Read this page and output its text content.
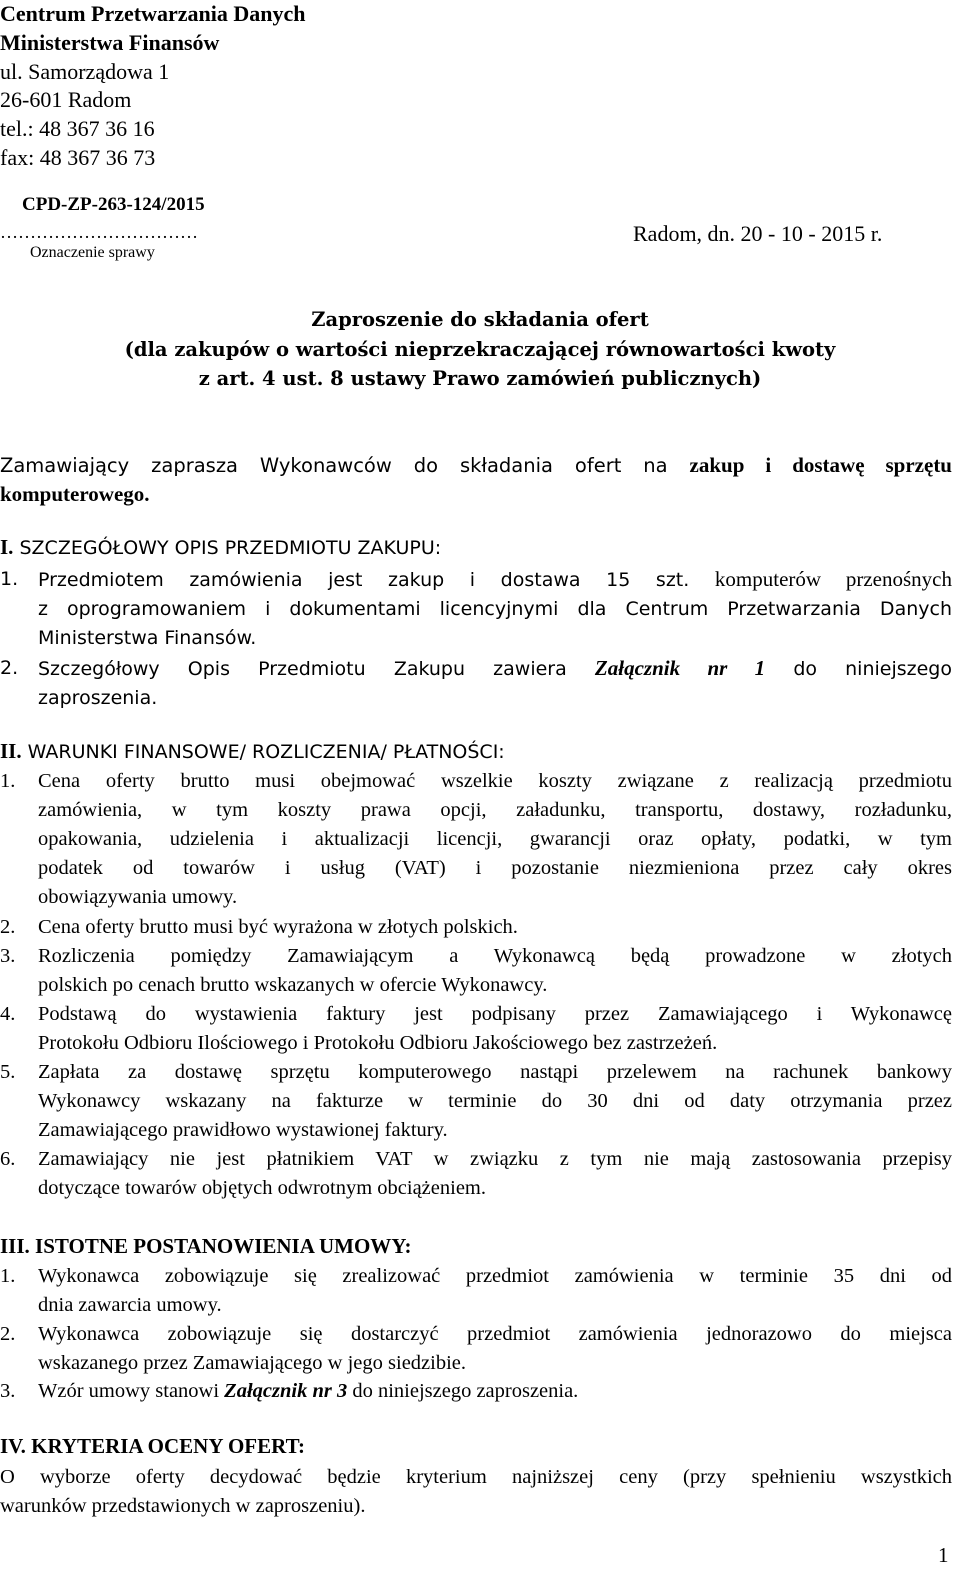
Centrum Przetwarzania Danych
Ministerstwa Finansów
ul. Samorządowa 1
26-601 Radom
tel.: 48 367 36 16
fax: 48 367 36 73
CPD-ZP-263-124/2015
……………………………
Oznaczenie sprawy
Radom, dn. 20 - 10 - 2015 r.
Zaproszenie do składania ofert
(dla zakupów o wartości nieprzekraczającej równowartości kwoty
z art. 4 ust. 8 ustawy Prawo zamówień publicznych)
Zamawiający zaprasza Wykonawców do składania ofert na zakup i dostawę sprzętu
komputerowego.
I. SZCZEGÓŁOWY OPIS PRZEDMIOTU ZAKUPU:
1. Przedmiotem zamówienia jest zakup i dostawa 15 szt. komputerów przenośnych
z oprogramowaniem i dokumentami licencyjnymi dla Centrum Przetwarzania Danych
Ministerstwa Finansów.
2. Szczegółowy Opis Przedmiotu Zakupu zawiera Załącznik nr 1 do niniejszego
zaproszenia.
II. WARUNKI FINANSOWE/ ROZLICZENIA/ PŁATNOŚCI:
1. Cena oferty brutto musi obejmować wszelkie koszty związane z realizacją przedmiotu
zamówienia, w tym koszty prawa opcji, załadunku, transportu, dostawy, rozładunku,
opakowania, udzielenia i aktualizacji licencji, gwarancji oraz opłaty, podatki, w tym
podatek od towarów i usług (VAT) i pozostanie niezmieniona przez cały okres
obowiązywania umowy.
2. Cena oferty brutto musi być wyrażona w złotych polskich.
3. Rozliczenia pomiędzy Zamawiającym a Wykonawcą będą prowadzone w złotych
polskich po cenach brutto wskazanych w ofercie Wykonawcy.
4. Podstawą do wystawienia faktury jest podpisany przez Zamawiającego i Wykonawcę
Protokołu Odbioru Ilościowego i Protokołu Odbioru Jakościowego bez zastrzeżeń.
5. Zapłata za dostawę sprzętu komputerowego nastąpi przelewem na rachunek bankowy
Wykonawcy wskazany na fakturze w terminie do 30 dni od daty otrzymania przez
Zamawiającego prawidłowo wystawionej faktury.
6. Zamawiający nie jest płatnikiem VAT w związku z tym nie mają zastosowania przepisy
dotyczące towarów objętych odwrotnym obciążeniem.
III. ISTOTNE POSTANOWIENIA UMOWY:
1. Wykonawca zobowiązuje się zrealizować przedmiot zamówienia w terminie 35 dni od
dnia zawarcia umowy.
2. Wykonawca zobowiązuje się dostarczyć przedmiot zamówienia jednorazowo do miejsca
wskazanego przez Zamawiającego w jego siedzibie.
3. Wzór umowy stanowi Załącznik nr 3 do niniejszego zaproszenia.
IV. KRYTERIA OCENY OFERT:
O wyborze oferty decydować będzie kryterium najniższej ceny (przy spełnieniu wszystkich
warunków przedstawionych w zaproszeniu).
1
